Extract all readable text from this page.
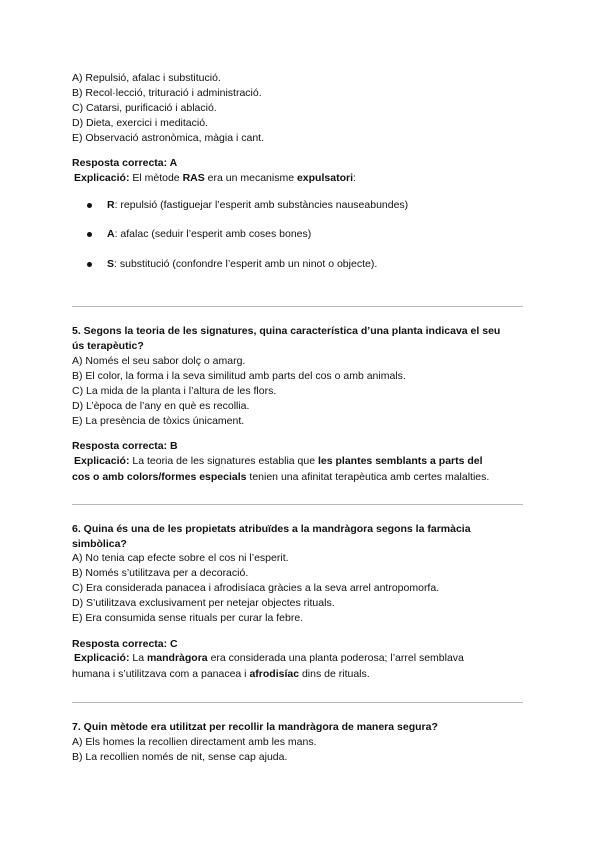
A) Repulsió, afalac i substitució.
B) Recol·lecció, trituració i administració.
C) Catarsi, purificació i ablació.
D) Dieta, exercici i meditació.
E) Observació astronòmica, màgia i cant.
Resposta correcta: A
Explicació: El mètode RAS era un mecanisme expulsatori:
R: repulsió (fastiguejar l’esperit amb substàncies nauseabundes)
A: afalac (seduir l’esperit amb coses bones)
S: substitució (confondre l’esperit amb un ninot o objecte).
5. Segons la teoria de les signatures, quina característica d’una planta indicava el seu
ús terapèutic?
A) Només el seu sabor dolç o amarg.
B) El color, la forma i la seva similitud amb parts del cos o amb animals.
C) La mida de la planta i l’altura de les flors.
D) L’època de l’any en què es recollia.
E) La presència de tòxics únicament.
Resposta correcta: B
Explicació: La teoria de les signatures establia que les plantes semblants a parts del
cos o amb colors/formes especials tenien una afinitat terapèutica amb certes malalties.
6. Quina és una de les propietats atribuïdes a la mandràgora segons la farmàcia
simbòlica?
A) No tenia cap efecte sobre el cos ni l’esperit.
B) Només s’utilitzava per a decoració.
C) Era considerada panacea i afrodisíaca gràcies a la seva arrel antropomorfa.
D) S’utilitzava exclusivament per netejar objectes rituals.
E) Era consumida sense rituals per curar la febre.
Resposta correcta: C
Explicació: La mandràgora era considerada una planta poderosa; l’arrel semblava
humana i s’utilitzava com a panacea i afrodisíac dins de rituals.
7. Quin mètode era utilitzat per recollir la mandràgora de manera segura?
A) Els homes la recollien directament amb les mans.
B) La recollien només de nit, sense cap ajuda.
